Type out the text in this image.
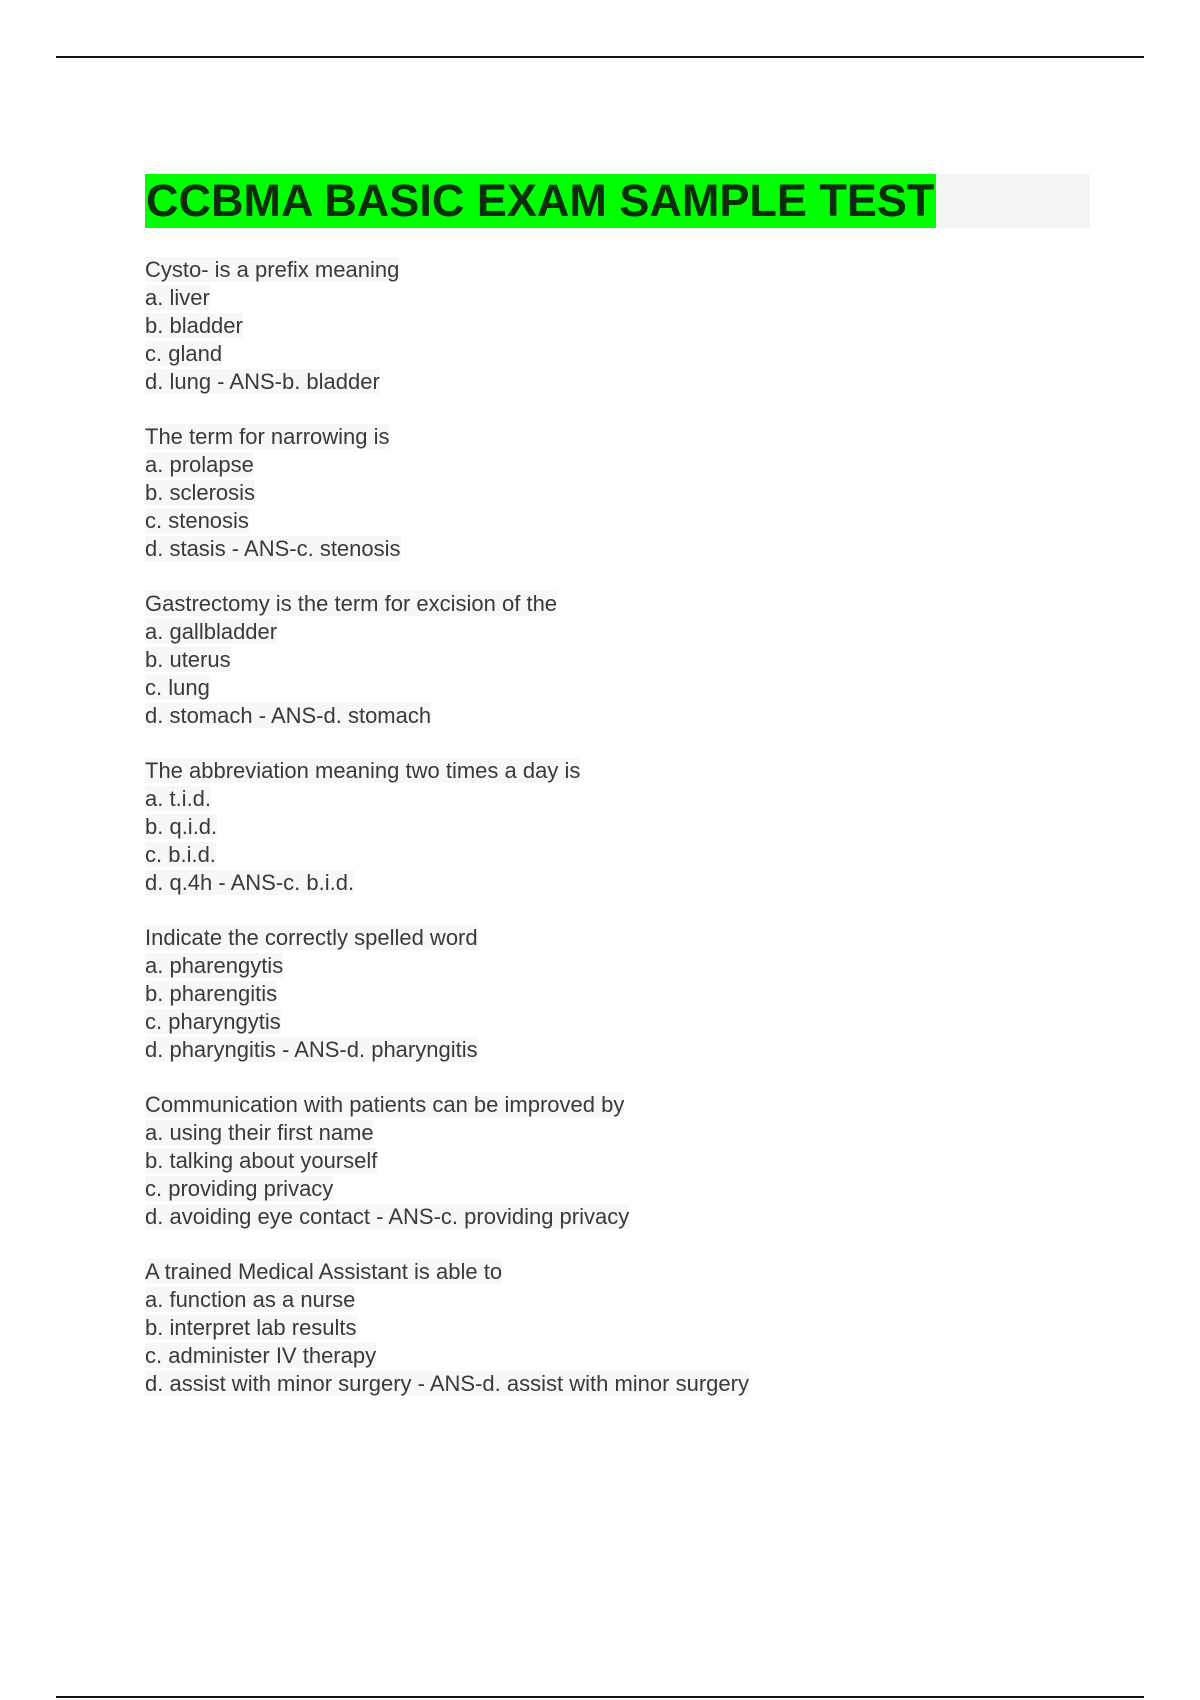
CCBMA BASIC EXAM SAMPLE TEST
Cysto- is a prefix meaning
a. liver
b. bladder
c. gland
d. lung - ANS-b. bladder
The term for narrowing is
a. prolapse
b. sclerosis
c. stenosis
d. stasis - ANS-c. stenosis
Gastrectomy is the term for excision of the
a. gallbladder
b. uterus
c. lung
d. stomach - ANS-d. stomach
The abbreviation meaning two times a day is
a. t.i.d.
b. q.i.d.
c. b.i.d.
d. q.4h - ANS-c. b.i.d.
Indicate the correctly spelled word
a. pharengytis
b. pharengitis
c. pharyngytis
d. pharyngitis - ANS-d. pharyngitis
Communication with patients can be improved by
a. using their first name
b. talking about yourself
c. providing privacy
d. avoiding eye contact - ANS-c. providing privacy
A trained Medical Assistant is able to
a. function as a nurse
b. interpret lab results
c. administer IV therapy
d. assist with minor surgery - ANS-d. assist with minor surgery
